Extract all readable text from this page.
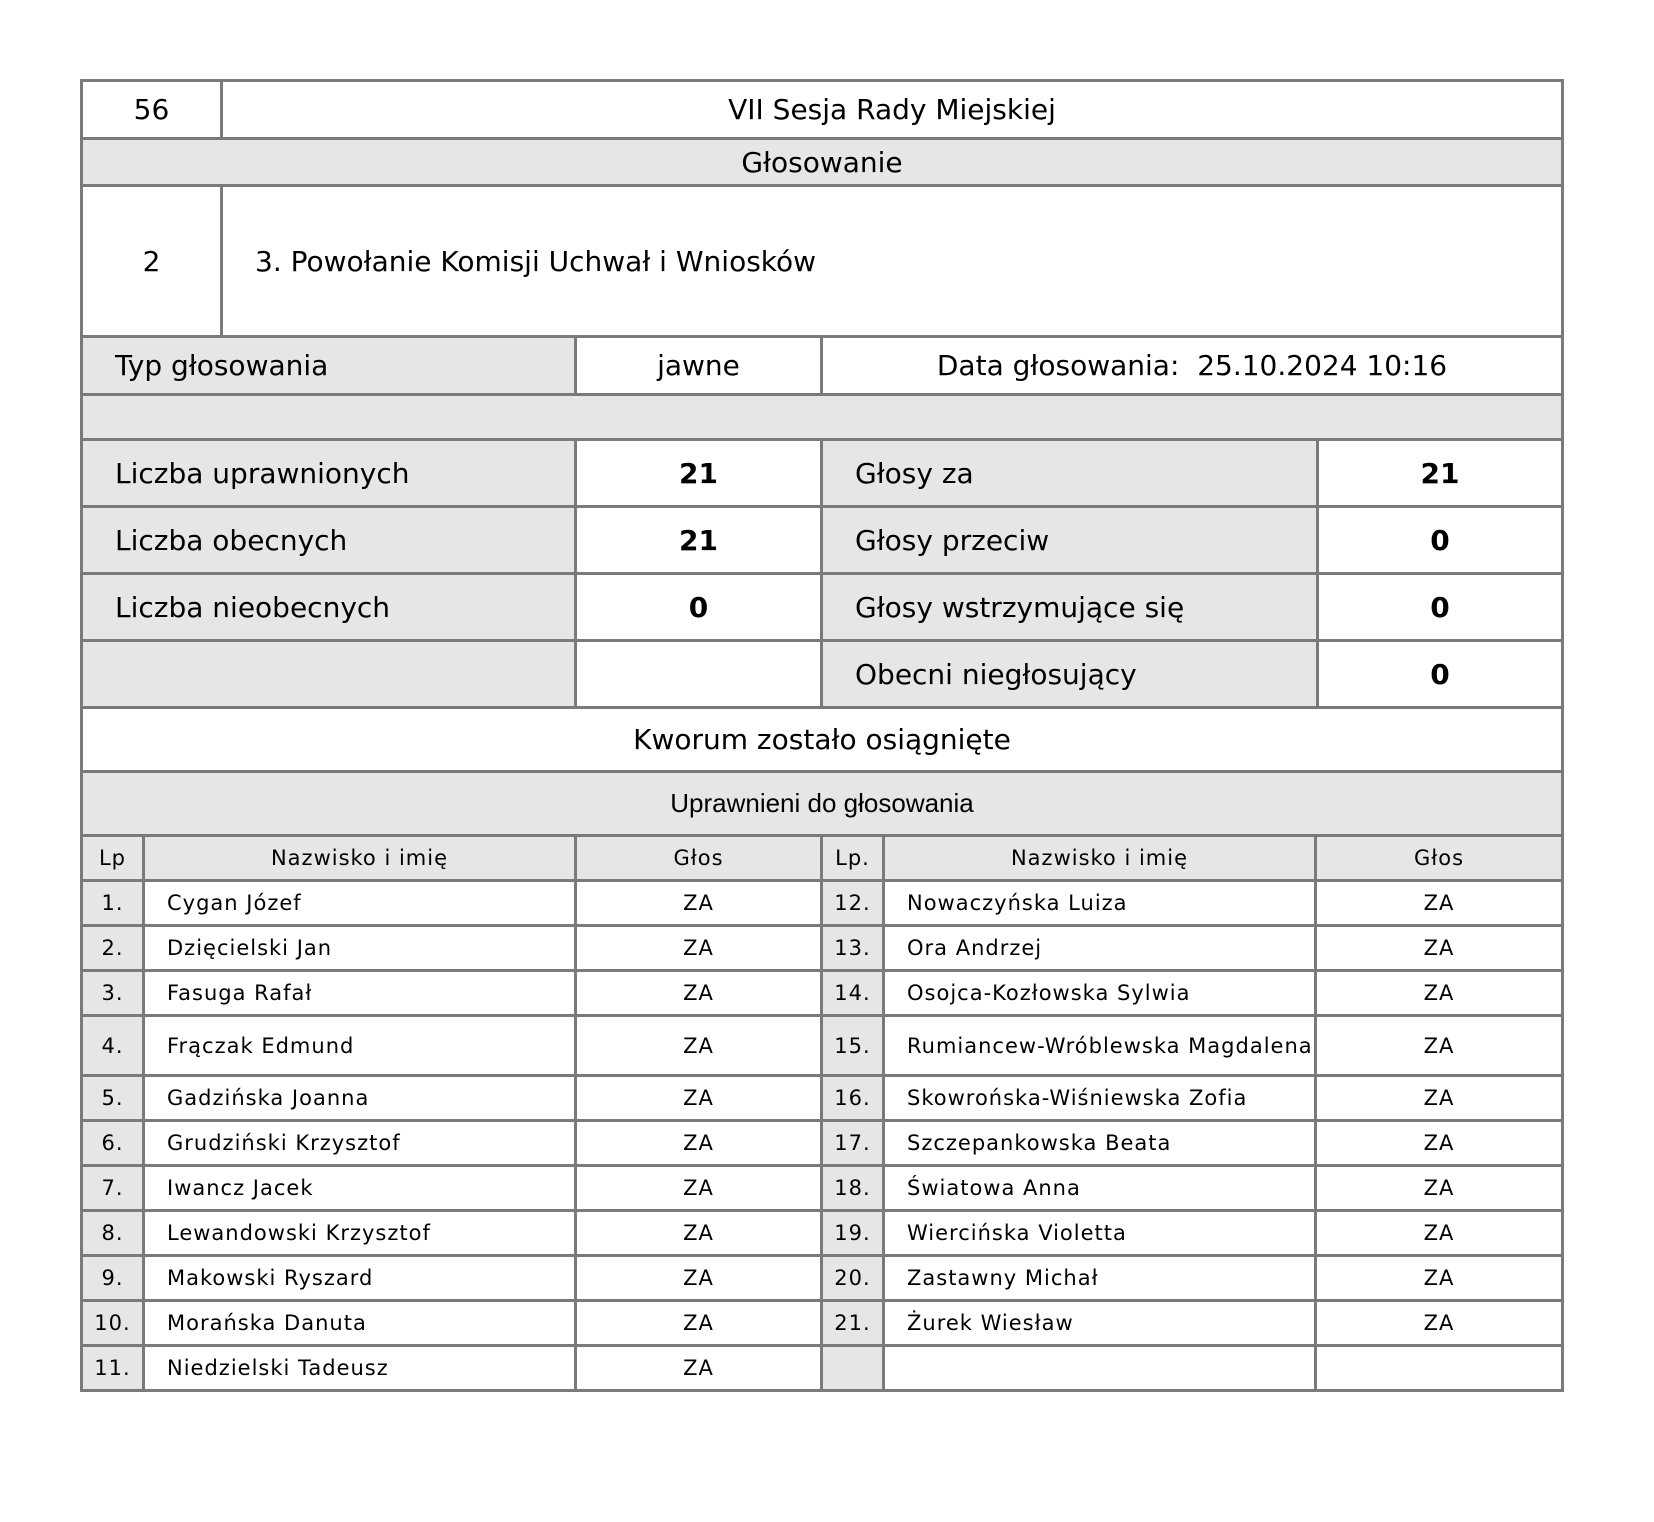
56	VII Sesja Rady Miejskiej
Głosowanie	
2	3. Powołanie Komisji Uchwał i Wniosków
Typ głosowania	jawne	Data głosowania: 25.10.2024 10:16	

Liczba uprawnionych	21	Głosy za	21
Liczba obecnych	21	Głosy przeciw	0
Liczba nieobecnych	0	Głosy wstrzymujące się	0
		Obecni niegłosujący	0
Kworum zostało osiągnięte			
Uprawnieni do głosowania			
Lp	Nazwisko i imię	Głos	Lp.	Nazwisko i imię	Głos
1.	Cygan Józef	ZA	12.	Nowaczyńska Luiza	ZA
2.	Dzięcielski Jan	ZA	13.	Ora Andrzej	ZA
3.	Fasuga Rafał	ZA	14.	Osojca-Kozłowska Sylwia	ZA
4.	Frączak Edmund	ZA	15.	Rumiancew-Wróblewska Magdalena	ZA
5.	Gadzińska Joanna	ZA	16.	Skowrońska-Wiśniewska Zofia	ZA
6.	Grudziński Krzysztof	ZA	17.	Szczepankowska Beata	ZA
7.	Iwancz Jacek	ZA	18.	Światowa Anna	ZA
8.	Lewandowski Krzysztof	ZA	19.	Wiercińska Violetta	ZA
9.	Makowski Ryszard	ZA	20.	Zastawny Michał	ZA
10.	Morańska Danuta	ZA	21.	Żurek Wiesław	ZA
11.	Niedzielski Tadeusz	ZA			
